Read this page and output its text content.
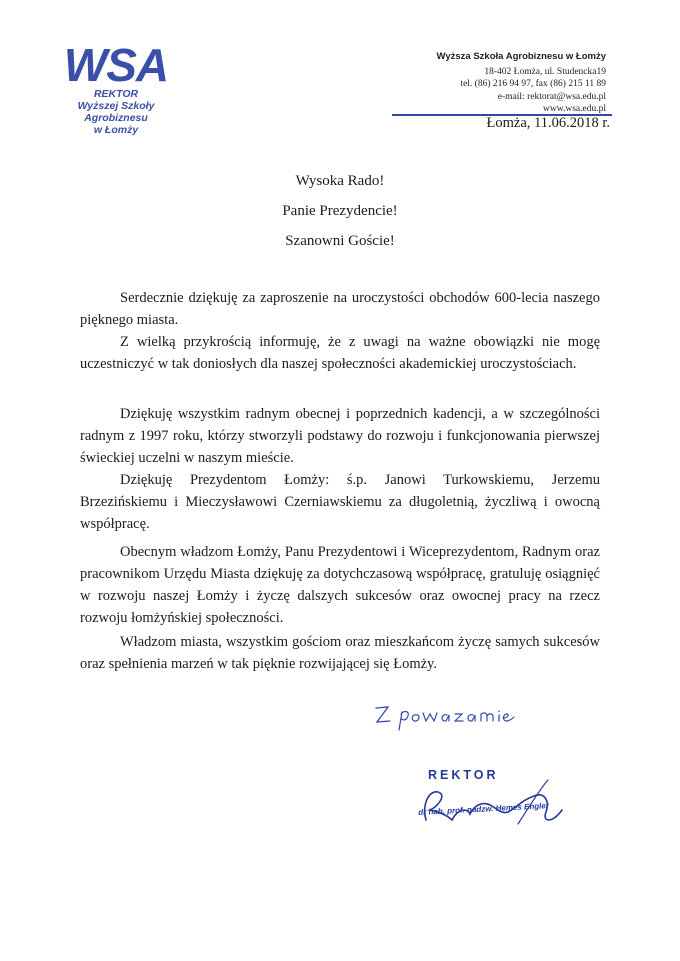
WSA
REKTOR
Wyższej Szkoły Agrobiznesu
w Łomży
Wyższa Szkoła Agrobiznesu w Łomży
18-402 Łomża, ul. Studencka19
tel. (86) 216 94 97, fax (86) 215 11 89
e-mail: rektorat@wsa.edu.pl
www.wsa.edu.pl
Łomża, 11.06.2018 r.
Wysoka Rado!
Panie Prezydencie!
Szanowni Goście!
Serdecznie dziękuję za zaproszenie na uroczystości obchodów 600-lecia naszego pięknego miasta.
Z wielką przykrością informuję, że z uwagi na ważne obowiązki nie mogę uczestniczyć w tak doniosłych dla naszej społeczności akademickiej uroczystościach.
Dziękuję wszystkim radnym obecnej i poprzednich kadencji, a w szczególności radnym z 1997 roku, którzy stworzyli podstawy do rozwoju i funkcjonowania pierwszej świeckiej uczelni w naszym mieście.
Dziękuję Prezydentom Łomży: ś.p. Janowi Turkowskiemu, Jerzemu Brzezińskiemu i Mieczysławowi Czerniawskiemu za długoletnią, życzliwą i owocną współpracę.
Obecnym władzom Łomży, Panu Prezydentowi i Wiceprezydentom, Radnym oraz pracownikom Urzędu Miasta dziękuję za dotychczasową współpracę, gratuluję osiągnięć w rozwoju naszej Łomży i życzę dalszych sukcesów oraz owocnej pracy na rzecz rozwoju łomżyńskiej społeczności.
Władzom miasta, wszystkim gościom oraz mieszkańcom życzę samych sukcesów oraz spełnienia marzeń w tak pięknie rozwijającej się Łomży.
REKTOR
dr hab. prof. nadzw. Hemes Engler
